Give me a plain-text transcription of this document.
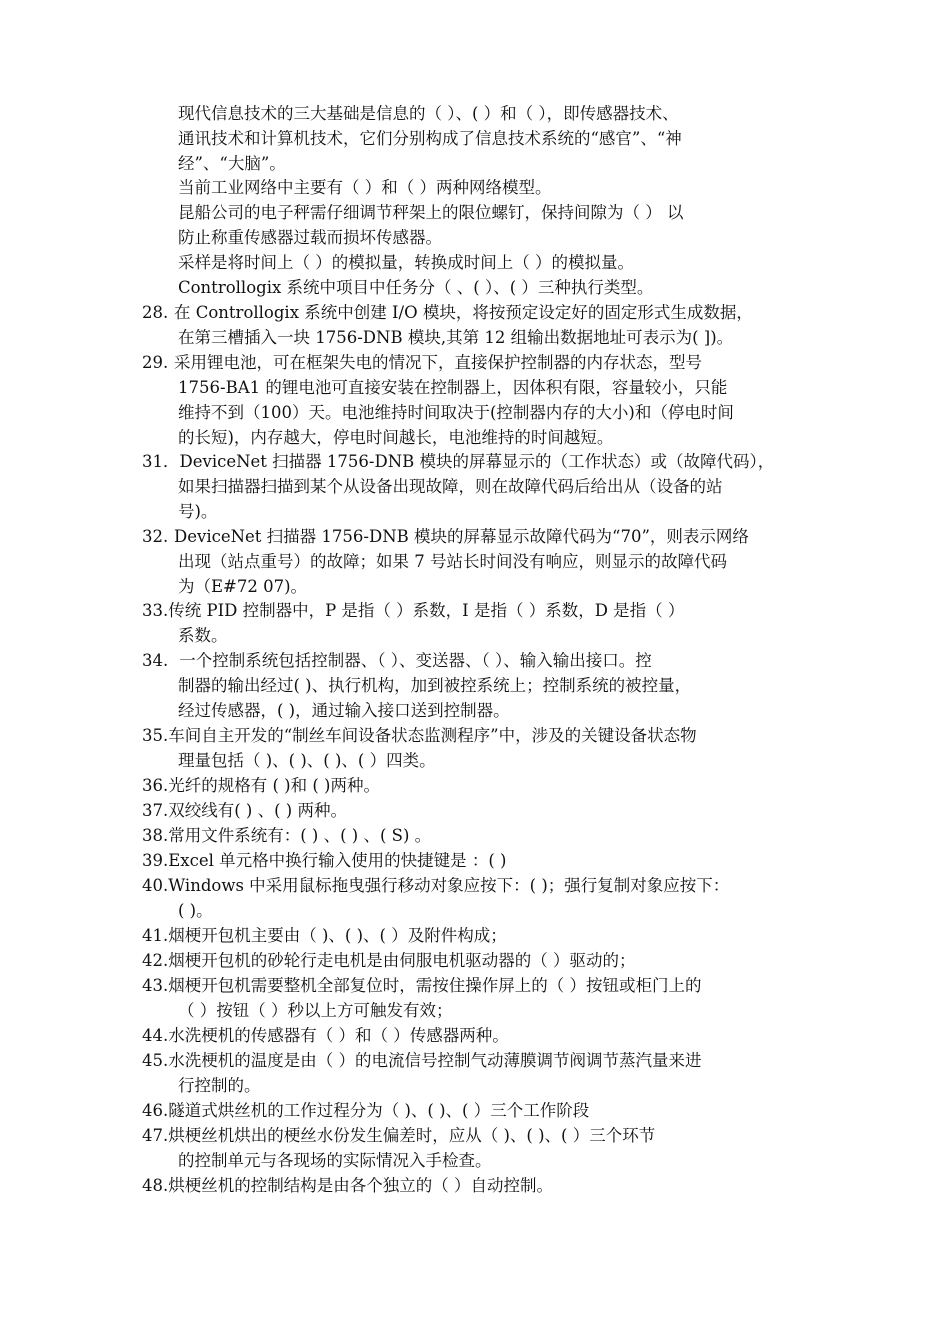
现代信息技术的三大基础是信息的（ ）、( ）和（ ），即传感器技术、
通讯技术和计算机技术，它们分别构成了信息技术系统的“感官”、“神
经”、“大脑”。
当前工业网络中主要有（ ）和（ ）两种网络模型。
昆船公司的电子秤需仔细调节秤架上的限位螺钉，保持间隙为（ ） 以
防止称重传感器过载而损坏传感器。
采样是将时间上（ ）的模拟量，转换成时间上（ ）的模拟量。
Controllogix 系统中项目中任务分（ 、( ）、( ）三种执行类型。
28. 在 Controllogix 系统中创建 I/O 模块，将按预定设定好的固定形式生成数据，
在第三槽插入一块 1756-DNB 模块,其第 12 组输出数据地址可表示为( ])。
29. 采用锂电池，可在框架失电的情况下，直接保护控制器的内存状态，型号
1756-BA1 的锂电池可直接安装在控制器上，因体积有限，容量较小，只能
维持不到（100）天。电池维持时间取决于(控制器内存的大小)和（停电时间
的长短)，内存越大，停电时间越长，电池维持的时间越短。
31．DeviceNet 扫描器 1756-DNB 模块的屏幕显示的（工作状态）或（故障代码），
如果扫描器扫描到某个从设备出现故障，则在故障代码后给出从（设备的站
号)。
32. DeviceNet 扫描器 1756-DNB 模块的屏幕显示故障代码为“70”，则表示网络
出现（站点重号）的故障；如果 7 号站长时间没有响应，则显示的故障代码
为（E#72 07)。
33.传统 PID 控制器中，P 是指（ ）系数，I 是指（ ）系数，D 是指（ ）
系数。
34. 一个控制系统包括控制器、（ ）、变送器、（ ）、输入输出接口。控
制器的输出经过( )、执行机构，加到被控系统上；控制系统的被控量，
经过传感器，( )，通过输入接口送到控制器。
35.车间自主开发的“制丝车间设备状态监测程序”中，涉及的关键设备状态物
理量包括（ )、( )、( )、( ）四类。
36.光纤的规格有 ( )和 ( )两种。
37.双绞线有( ) 、( ) 两种。
38.常用文件系统有：( ) 、( ) 、( S) 。
39.Excel 单元格中换行输入使用的快捷键是 ：( )
40.Windows 中采用鼠标拖曳强行移动对象应按下：( )；强行复制对象应按下：
( )。
41.烟梗开包机主要由（ )、( )、( ）及附件构成；
42.烟梗开包机的砂轮行走电机是由伺服电机驱动器的（ ）驱动的；
43.烟梗开包机需要整机全部复位时，需按住操作屏上的（ ）按钮或柜门上的
（ ）按钮（ ）秒以上方可触发有效；
44.水洗梗机的传感器有（ ）和（ ）传感器两种。
45.水洗梗机的温度是由（ ）的电流信号控制气动薄膜调节阀调节蒸汽量来进
行控制的。
46.隧道式烘丝机的工作过程分为（ )、( )、( ）三个工作阶段
47.烘梗丝机烘出的梗丝水份发生偏差时，应从（ )、( )、( ）三个环节
的控制单元与各现场的实际情况入手检查。
48.烘梗丝机的控制结构是由各个独立的（ ）自动控制。
